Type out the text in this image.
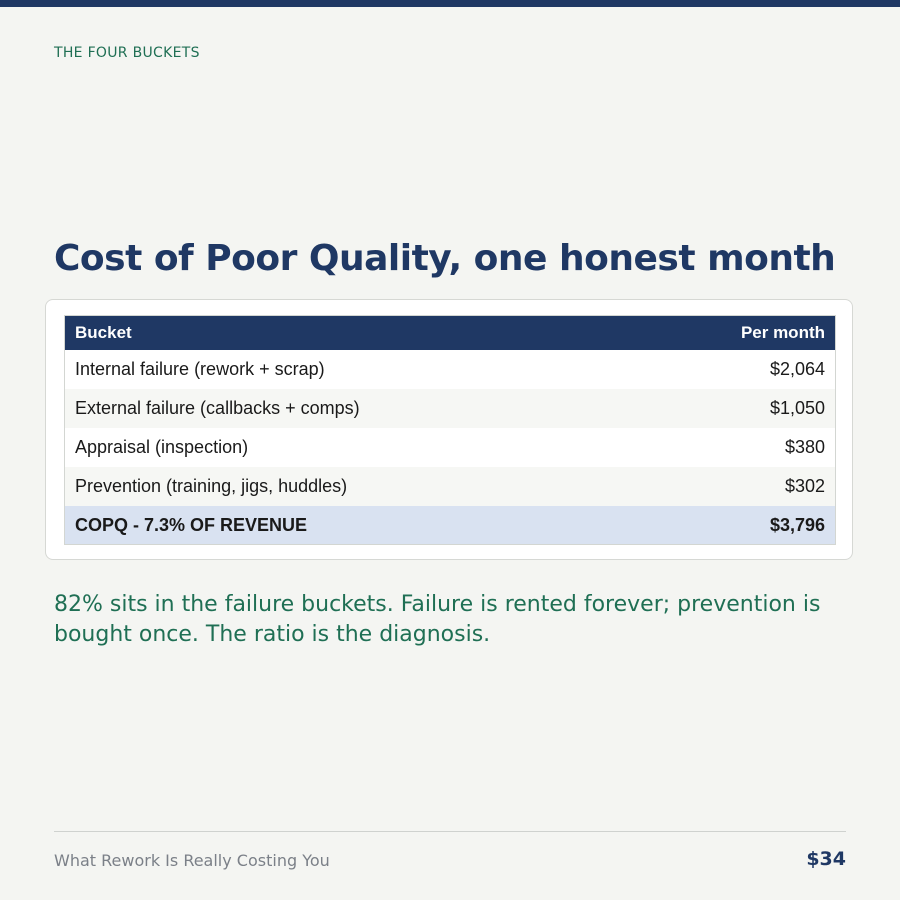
THE FOUR BUCKETS
Cost of Poor Quality, one honest month
Bucket	Per month
Internal failure (rework + scrap)	$2,064
External failure (callbacks + comps)	$1,050
Appraisal (inspection)	$380
Prevention (training, jigs, huddles)	$302
COPQ - 7.3% OF REVENUE	$3,796
82% sits in the failure buckets. Failure is rented forever; prevention is bought once. The ratio is the diagnosis.
What Rework Is Really Costing You	$34
